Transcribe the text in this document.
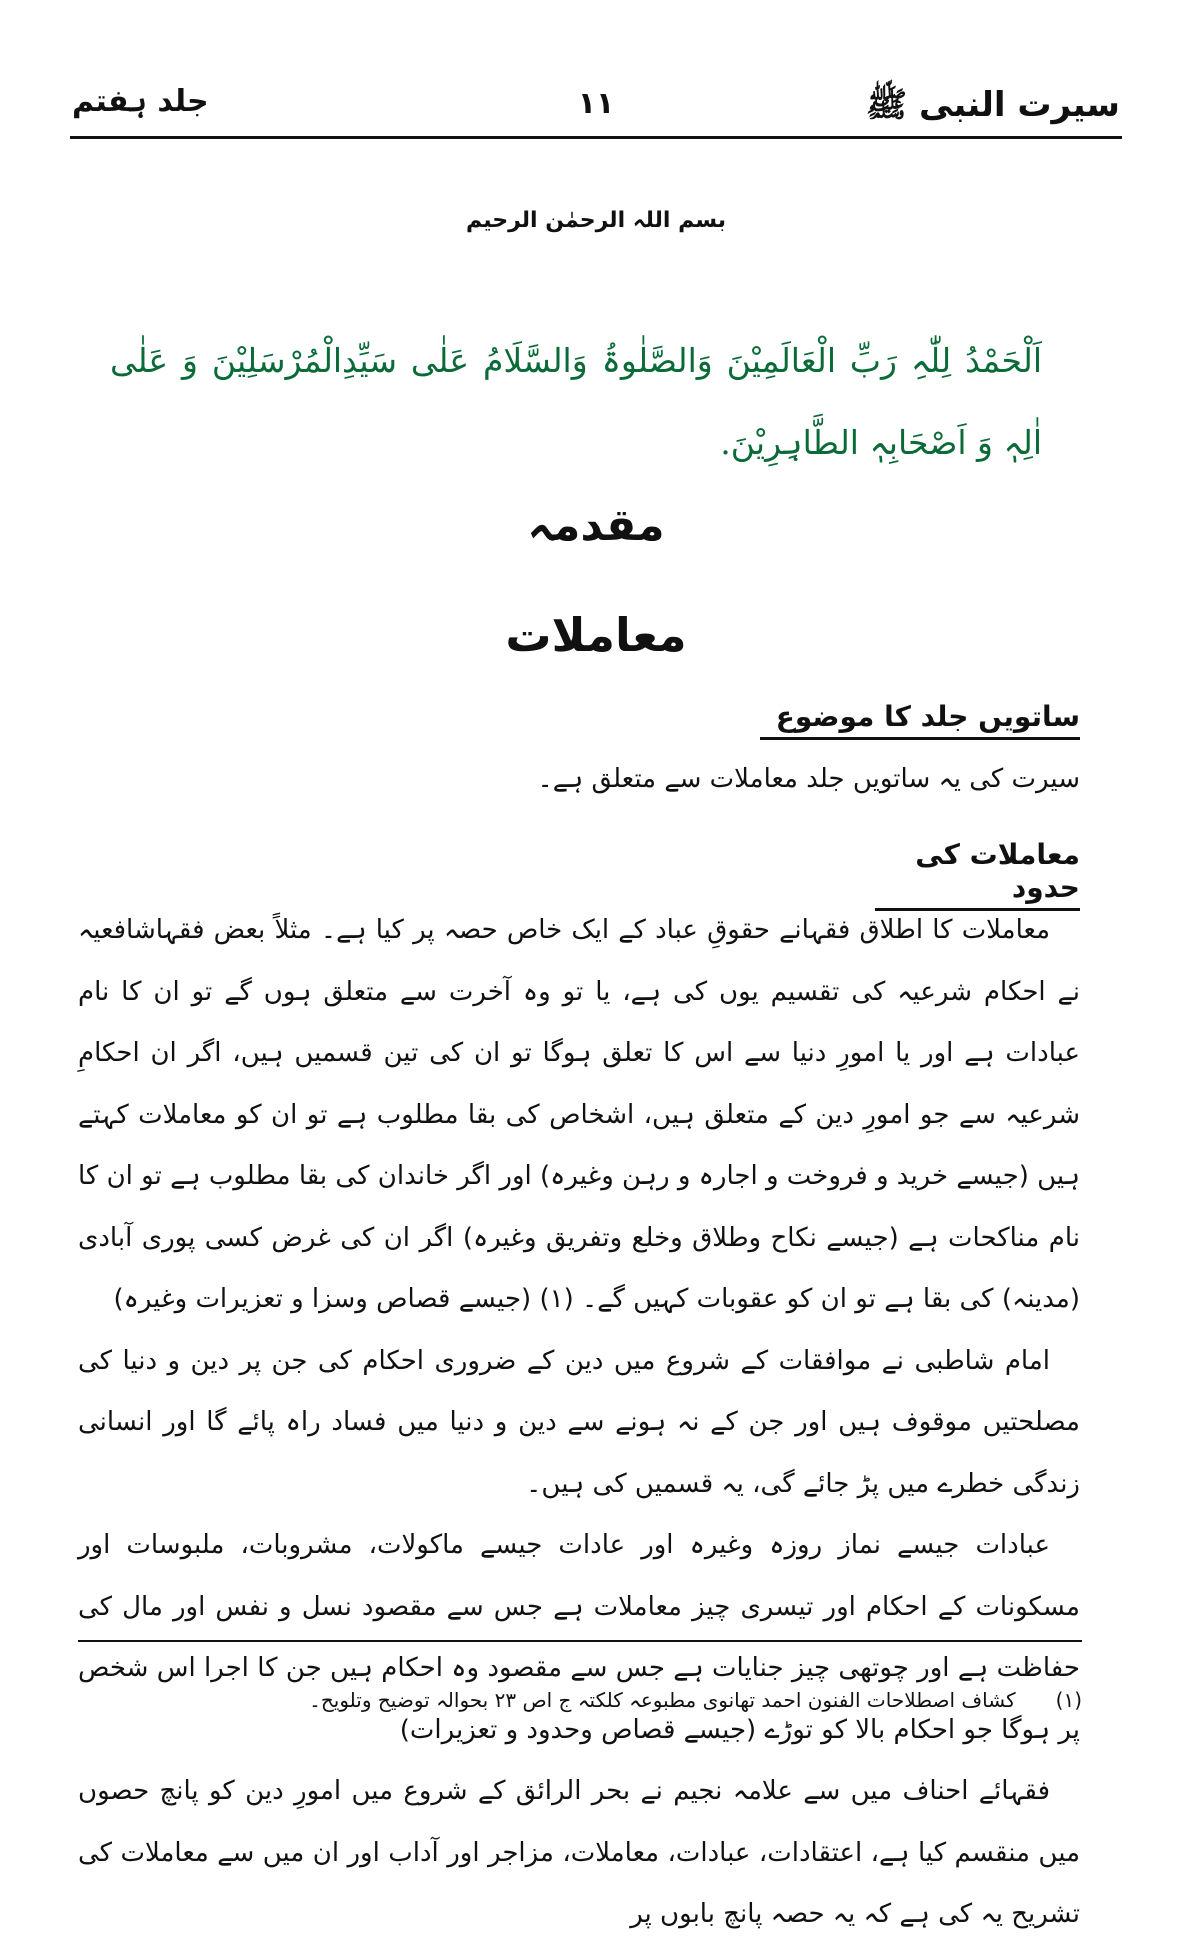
سیرت النبی ﷺ
۱۱
جلد ہفتم
بسم اللہ الرحمٰن الرحیم
اَلْحَمْدُ لِلّٰہِ رَبِّ الْعَالَمِیْنَ وَالصَّلٰوۃُ وَالسَّلَامُ عَلٰی سَیِّدِالْمُرْسَلِیْنَ وَ عَلٰی اٰلِہٖ وَ اَصْحَابِہٖ الطَّاہِرِیْنَ.
مقدمہ
معاملات
ساتویں جلد کا موضوع
سیرت کی یہ ساتویں جلد معاملات سے متعلق ہے۔
معاملات کی حدود

معاملات کا اطلاق فقہانے حقوقِ عباد کے ایک خاص حصہ پر کیا ہے۔ مثلاً بعض فقہاشافعیہ نے احکام شرعیہ کی تقسیم یوں کی ہے، یا تو وہ آخرت سے متعلق ہوں گے تو ان کا نام عبادات ہے اور یا امورِ دنیا سے اس کا تعلق ہوگا تو ان کی تین قسمیں ہیں، اگر ان احکامِ شرعیہ سے جو امورِ دین کے متعلق ہیں، اشخاص کی بقا مطلوب ہے تو ان کو معاملات کہتے ہیں (جیسے خرید و فروخت و اجارہ و رہن وغیرہ) اور اگر خاندان کی بقا مطلوب ہے تو ان کا نام مناکحات ہے (جیسے نکاح وطلاق وخلع وتفریق وغیرہ) اگر ان کی غرض کسی پوری آبادی (مدینہ) کی بقا ہے تو ان کو عقوبات کہیں گے۔ (۱) (جیسے قصاص وسزا و تعزیرات وغیرہ)

امام شاطبی نے موافقات کے شروع میں دین کے ضروری احکام کی جن پر دین و دنیا کی مصلحتیں موقوف ہیں اور جن کے نہ ہونے سے دین و دنیا میں فساد راہ پائے گا اور انسانی زندگی خطرے میں پڑ جائے گی، یہ قسمیں کی ہیں۔

عبادات جیسے نماز روزہ وغیرہ اور عادات جیسے ماکولات، مشروبات، ملبوسات اور مسکونات کے احکام اور تیسری چیز معاملات ہے جس سے مقصود نسل و نفس اور مال کی حفاظت ہے اور چوتھی چیز جنایات ہے جس سے مقصود وہ احکام ہیں جن کا اجرا اس شخص پر ہوگا جو احکام بالا کو توڑے (جیسے قصاص وحدود و تعزیرات)

فقہائے احناف میں سے علامہ نجیم نے بحر الرائق کے شروع میں امورِ دین کو پانچ حصوں میں منقسم کیا ہے، اعتقادات، عبادات، معاملات، مزاجر اور آداب اور ان میں سے معاملات کی تشریح یہ کی ہے کہ یہ حصہ پانچ بابوں پر

(۱)
کشاف اصطلاحات الفنون احمد تھانوی مطبوعہ کلکتہ ج اص ۲۳ بحوالہ توضیح وتلویح۔
